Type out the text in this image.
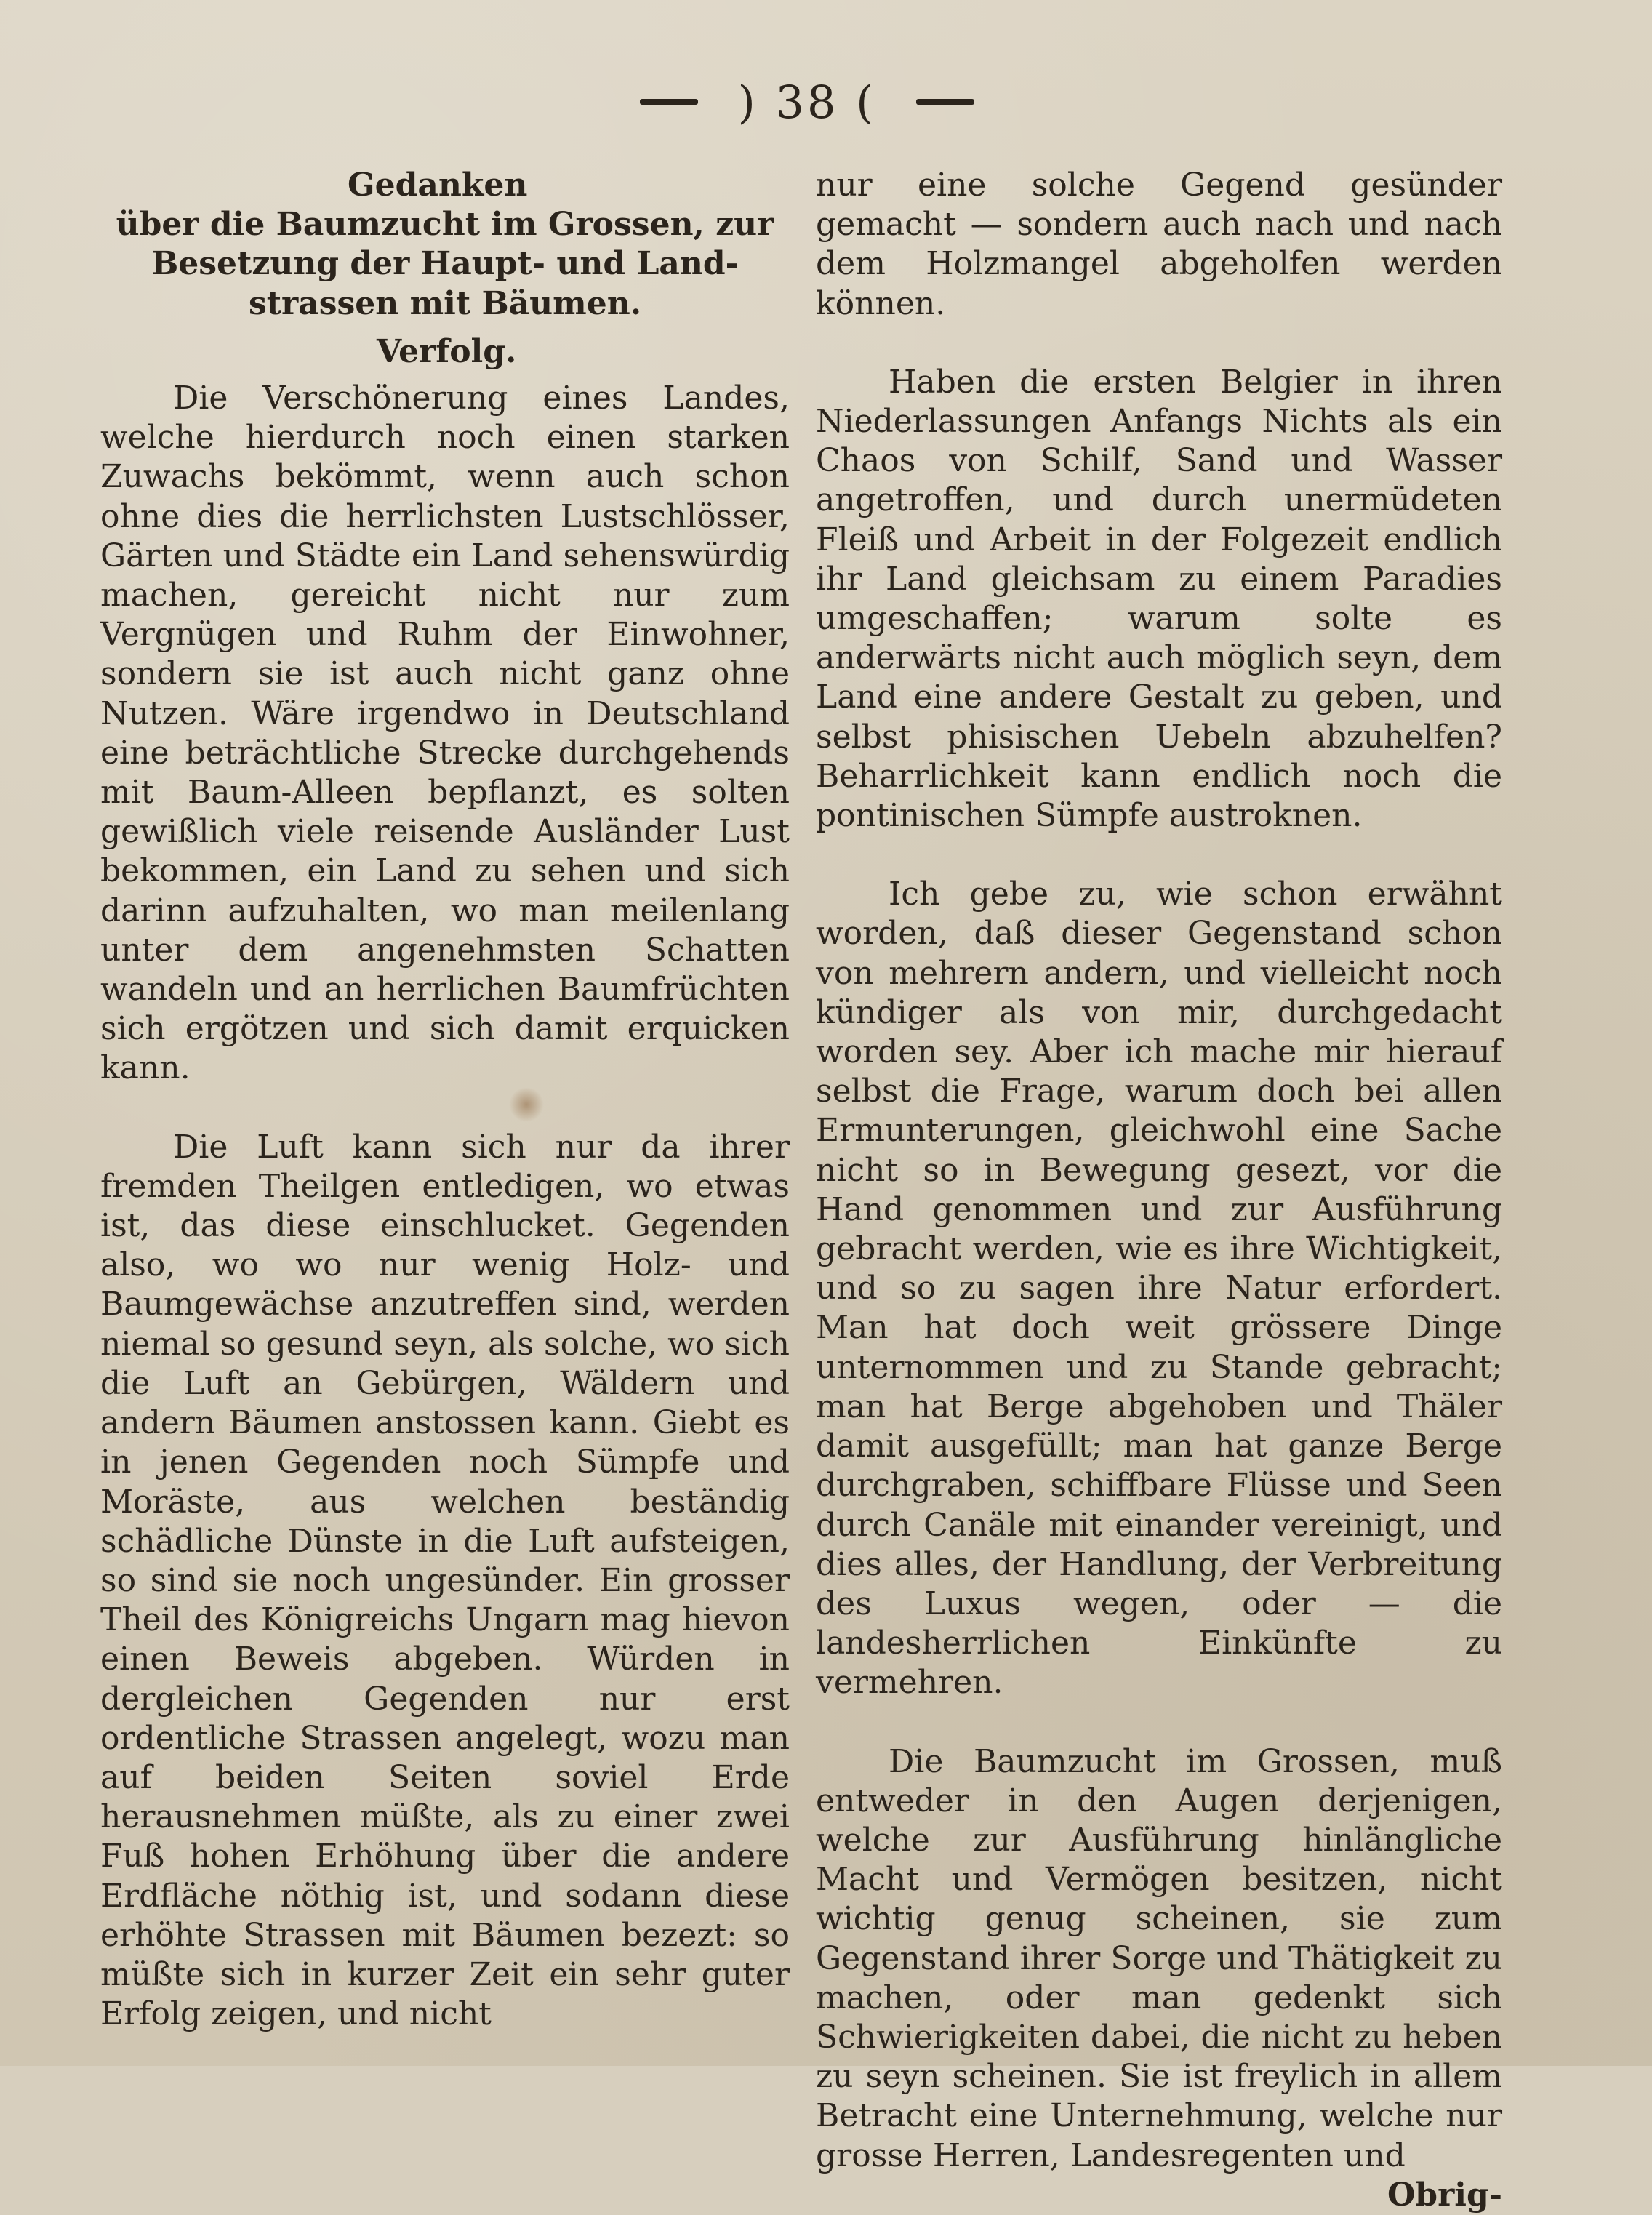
) 38 (
Gedanken
über die Baumzucht im Grossen, zur
Besetzung der Haupt- und Land-
strassen mit Bäumen.
Verfolg.

Die Verschönerung eines Landes, welche hierdurch noch einen starken Zuwachs bekömmt, wenn auch schon ohne dies die herrlichsten Lustschlösser, Gärten und Städte ein Land sehenswürdig machen, gereicht nicht nur zum Vergnügen und Ruhm der Einwohner, sondern sie ist auch nicht ganz ohne Nutzen. Wäre irgendwo in Deutschland eine beträchtliche Strecke durchgehends mit Baum-Alleen bepflanzt, es solten gewißlich viele reisende Ausländer Lust bekommen, ein Land zu sehen und sich darinn aufzuhalten, wo man meilenlang unter dem angenehmsten Schatten wandeln und an herrlichen Baumfrüchten sich ergötzen und sich damit erquicken kann.

Die Luft kann sich nur da ihrer fremden Theilgen entledigen, wo etwas ist, das diese einschlucket. Gegenden also, wo wo nur wenig Holz- und Baumgewächse anzutreffen sind, werden niemal so gesund seyn, als solche, wo sich die Luft an Gebürgen, Wäldern und andern Bäumen anstossen kann. Giebt es in jenen Gegenden noch Sümpfe und Moräste, aus welchen beständig schädliche Dünste in die Luft aufsteigen, so sind sie noch ungesünder. Ein grosser Theil des Königreichs Ungarn mag hievon einen Beweis abgeben. Würden in dergleichen Gegenden nur erst ordentliche Strassen angelegt, wozu man auf beiden Seiten soviel Erde herausnehmen müßte, als zu einer zwei Fuß hohen Erhöhung über die andere Erdfläche nöthig ist, und sodann diese erhöhte Strassen mit Bäumen bezezt: so müßte sich in kurzer Zeit ein sehr guter Erfolg zeigen, und nicht

nur eine solche Gegend gesünder gemacht — sondern auch nach und nach dem Holzmangel abgeholfen werden können.

Haben die ersten Belgier in ihren Niederlassungen Anfangs Nichts als ein Chaos von Schilf, Sand und Wasser angetroffen, und durch unermüdeten Fleiß und Arbeit in der Folgezeit endlich ihr Land gleichsam zu einem Paradies umgeschaffen; warum solte es anderwärts nicht auch möglich seyn, dem Land eine andere Gestalt zu geben, und selbst phisischen Uebeln abzuhelfen? Beharrlichkeit kann endlich noch die pontinischen Sümpfe austroknen.

Ich gebe zu, wie schon erwähnt worden, daß dieser Gegenstand schon von mehrern andern, und vielleicht noch kündiger als von mir, durchgedacht worden sey. Aber ich mache mir hierauf selbst die Frage, warum doch bei allen Ermunterungen, gleichwohl eine Sache nicht so in Bewegung gesezt, vor die Hand genommen und zur Ausführung gebracht werden, wie es ihre Wichtigkeit, und so zu sagen ihre Natur erfordert. Man hat doch weit grössere Dinge unternommen und zu Stande gebracht; man hat Berge abgehoben und Thäler damit ausgefüllt; man hat ganze Berge durchgraben, schiffbare Flüsse und Seen durch Canäle mit einander vereinigt, und dies alles, der Handlung, der Verbreitung des Luxus wegen, oder — die landesherrlichen Einkünfte zu vermehren.

Die Baumzucht im Grossen, muß entweder in den Augen derjenigen, welche zur Ausführung hinlängliche Macht und Vermögen besitzen, nicht wichtig genug scheinen, sie zum Gegenstand ihrer Sorge und Thätigkeit zu machen, oder man gedenkt sich Schwierigkeiten dabei, die nicht zu heben zu seyn scheinen. Sie ist freylich in allem Betracht eine Unternehmung, welche nur grosse Herren, Landesregenten und

Obrig-
